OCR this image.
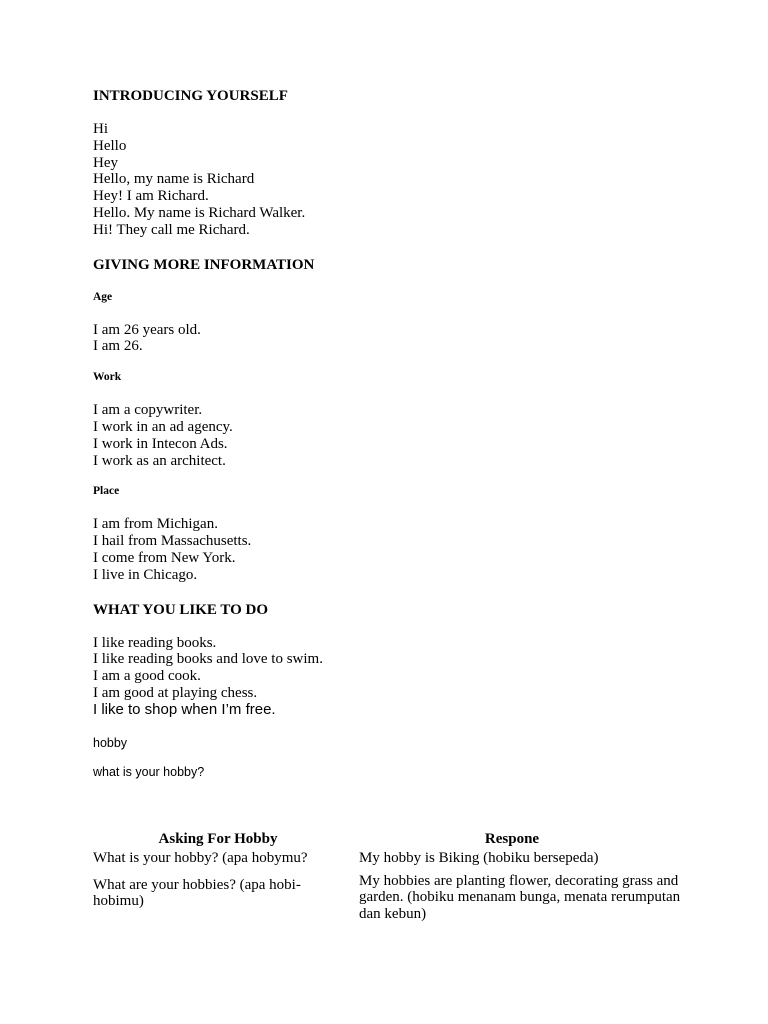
INTRODUCING YOURSELF
Hi
Hello
Hey
Hello, my name is Richard
Hey! I am Richard.
Hello. My name is Richard Walker.
Hi! They call me Richard.
GIVING MORE INFORMATION
Age
I am 26 years old.
I am 26.
Work
I am a copywriter.
I work in an ad agency.
I work in Intecon Ads.
I work as an architect.
Place
I am from Michigan.
I hail from Massachusetts.
I come from New York.
I live in Chicago.
WHAT YOU LIKE TO DO
I like reading books.
I like reading books and love to swim.
I am a good cook.
I am good at playing chess.
I like to shop when I’m free.
hobby
what is your hobby?
Asking For Hobby	Respone
What is your hobby? (apa hobymu?	My hobby is Biking (hobiku bersepeda)
What are your hobbies? (apa hobi-hobimu)	My hobbies are planting flower, decorating grass and garden. (hobiku menanam bunga, menata rerumputan dan kebun)
